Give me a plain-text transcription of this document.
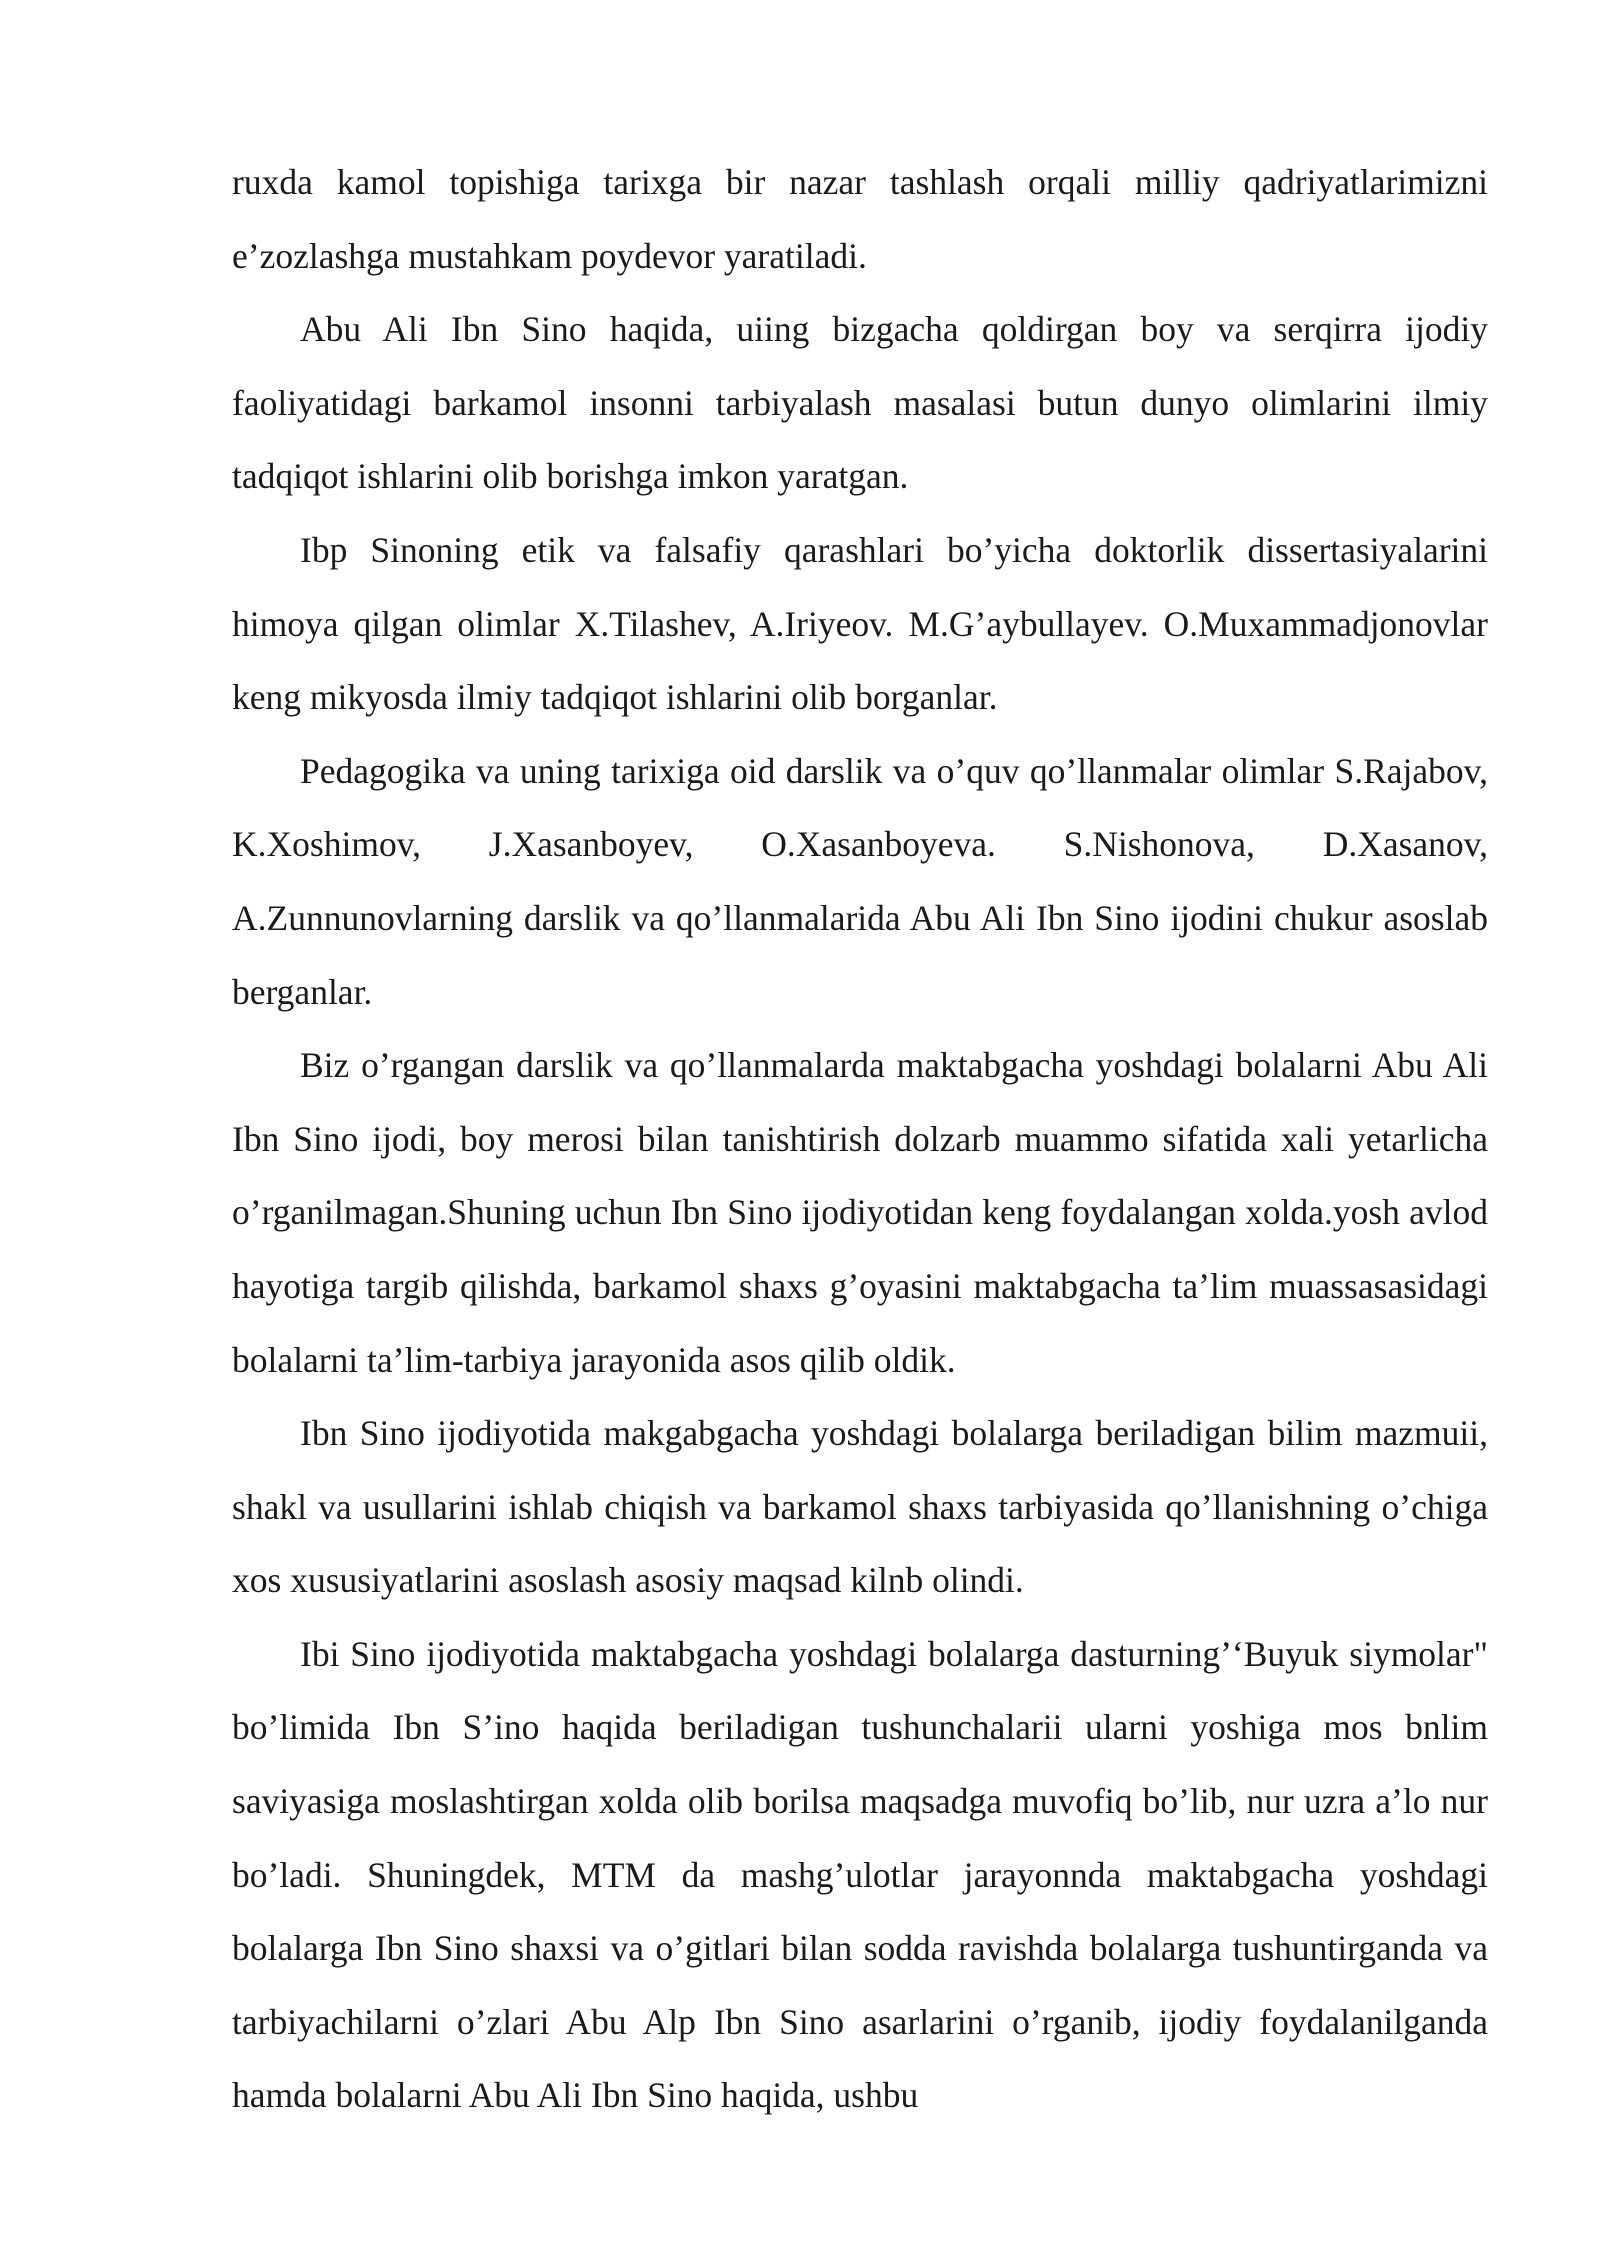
ruxda kamol topishiga tarixga bir nazar tashlash orqali milliy qadriyatlarimizni e’zozlashga mustahkam poydevor yaratiladi.

Abu Ali Ibn Sino haqida, uiing bizgacha qoldirgan boy va serqirra ijodiy faoliyatidagi barkamol insonni tarbiyalash masalasi butun dunyo olimlarini ilmiy tadqiqot ishlarini olib borishga imkon yaratgan.

Ibp Sinoning etik va falsafiy qarashlari bo’yicha doktorlik dissertasiyalarini himoya qilgan olimlar X.Tilashev, A.Iriyeov. M.G’aybullayev. O.Muxammadjonovlar keng mikyosda ilmiy tadqiqot ishlarini olib borganlar.

Pedagogika va uning tarixiga oid darslik va o’quv qo’llanmalar olimlar S.Rajabov, K.Xoshimov, J.Xasanboyev, O.Xasanboyeva. S.Nishonova, D.Xasanov, A.Zunnunovlarning darslik va qo’llanmalarida Abu Ali Ibn Sino ijodini chukur asoslab berganlar.

Biz o’rgangan darslik va qo’llanmalarda maktabgacha yoshdagi bolalarni Abu Ali Ibn Sino ijodi, boy merosi bilan tanishtirish dolzarb muammo sifatida xali yetarlicha o’rganilmagan.Shuning uchun Ibn Sino ijodiyotidan keng foydalangan xolda.yosh avlod hayotiga targib qilishda, barkamol shaxs g’oyasini maktabgacha ta’lim muassasasidagi bolalarni ta’lim-tarbiya jarayonida asos qilib oldik.

Ibn Sino ijodiyotida makgabgacha yoshdagi bolalarga beriladigan bilim mazmuii, shakl va usullarini ishlab chiqish va barkamol shaxs tarbiyasida qo’llanishning o’chiga xos xususiyatlarini asoslash asosiy maqsad kilnb olindi.

Ibi Sino ijodiyotida maktabgacha yoshdagi bolalarga dasturning’‘Buyuk siymolar" bo’limida Ibn S’ino haqida beriladigan tushunchalarii ularni yoshiga mos bnlim saviyasiga moslashtirgan xolda olib borilsa maqsadga muvofiq bo’lib, nur uzra a’lo nur bo’ladi. Shuningdek, MTM da mashg’ulotlar jarayonnda maktabgacha yoshdagi bolalarga Ibn Sino shaxsi va o’gitlari bilan sodda ravishda bolalarga tushuntirganda va tarbiyachilarni o’zlari Abu Alp Ibn Sino asarlarini o’rganib, ijodiy foydalanilganda hamda bolalarni Abu Ali Ibn Sino haqida, ushbu
